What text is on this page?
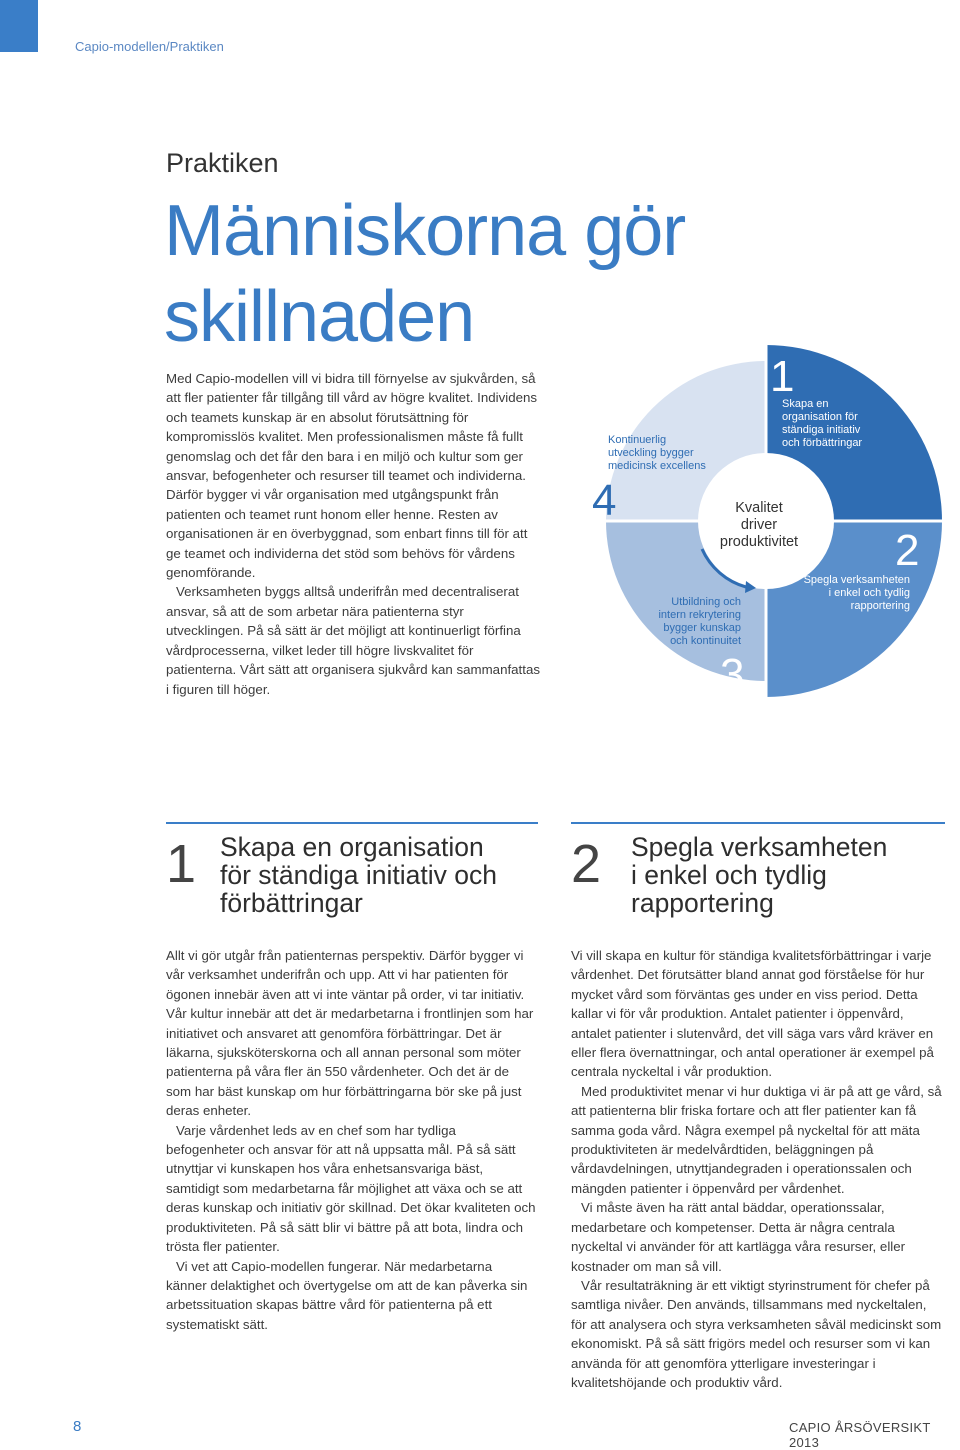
Capio-modellen/Praktiken
Praktiken
Människorna gör
skillnaden

Med Capio-modellen vill vi bidra till förnyelse av sjukvården, så att fler patienter får tillgång till vård av högre kvalitet. Individens och teamets kunskap är en absolut förutsättning för kompromisslös kvalitet. Men professionalismen måste få fullt genomslag och det får den bara i en miljö och kultur som ger ansvar, befogenheter och resurser till teamet och individerna. Därför bygger vi vår organisation med utgångspunkt från patienten och teamet runt honom eller henne. Resten av organisationen är en överbyggnad, som enbart finns till för att ge teamet och individerna det stöd som behövs för vårdens genomförande.

Verksamheten byggs alltså underifrån med decentraliserat ansvar, så att de som arbetar nära patienterna styr utvecklingen. På så sätt är det möjligt att kontinuerligt förfina vårdprocesserna, vilket leder till högre livskvalitet för patienterna. Vårt sätt att organisera sjukvård kan sammanfattas i figuren till höger.

Kvalitet
driver
produktivitet
1
Skapa en
organisation för
ständiga initiativ
och förbättringar
2
Spegla verksamheten
i enkel och tydlig
rapportering
Utbildning och
intern rekrytering
bygger kunskap
och kontinuitet
3
Kontinuerlig
utveckling bygger
medicinsk excellens
4
1 Skapa en organisation
för ständiga initiativ och
förbättringar
2 Spegla verksamheten
i enkel och tydlig
rapportering

Allt vi gör utgår från patienternas perspektiv. Därför bygger vi vår verksamhet underifrån och upp. Att vi har patienten för ögonen innebär även att vi inte väntar på order, vi tar initiativ. Vår kultur innebär att det är medarbetarna i frontlinjen som har initiativet och ansvaret att genomföra förbättringar. Det är läkarna, sjuksköterskorna och all annan personal som möter patienterna på våra fler än 550 vårdenheter. Och det är de som har bäst kunskap om hur förbättringarna bör ske på just deras enheter.

Varje vårdenhet leds av en chef som har tydliga befogenheter och ansvar för att nå uppsatta mål. På så sätt utnyttjar vi kunskapen hos våra enhetsansvariga bäst, samtidigt som medarbetarna får möjlighet att växa och se att deras kunskap och initiativ gör skillnad. Det ökar kvaliteten och produktiviteten. På så sätt blir vi bättre på att bota, lindra och trösta fler patienter.

Vi vet att Capio-modellen fungerar. När medarbetarna känner delaktighet och övertygelse om att de kan påverka sin arbetssituation skapas bättre vård för patienterna på ett systematiskt sätt.

Vi vill skapa en kultur för ständiga kvalitetsförbättringar i varje vårdenhet. Det förutsätter bland annat god förståelse för hur mycket vård som förväntas ges under en viss period. Detta kallar vi för vår produktion. Antalet patienter i öppenvård, antalet patienter i slutenvård, det vill säga vars vård kräver en eller flera övernattningar, och antal operationer är exempel på centrala nyckeltal i vår produktion.

Med produktivitet menar vi hur duktiga vi är på att ge vård, så att patienterna blir friska fortare och att fler patienter kan få samma goda vård. Några exempel på nyckeltal för att mäta produktiviteten är medelvårdtiden, beläggningen på vårdavdelningen, utnyttjandegraden i operationssalen och mängden patienter i öppenvård per vårdenhet.

Vi måste även ha rätt antal bäddar, operationssalar, medarbetare och kompetenser. Detta är några centrala nyckeltal vi använder för att kartlägga våra resurser, eller kostnader om man så vill.

Vår resultaträkning är ett viktigt styrinstrument för chefer på samtliga nivåer. Den används, tillsammans med nyckeltalen, för att analysera och styra verksamheten såväl medicinskt som ekonomiskt. På så sätt frigörs medel och resurser som vi kan använda för att genomföra ytterligare investeringar i kvalitetshöjande och produktiv vård.

8	CAPIO ÅRSÖVERSIKT 2013
